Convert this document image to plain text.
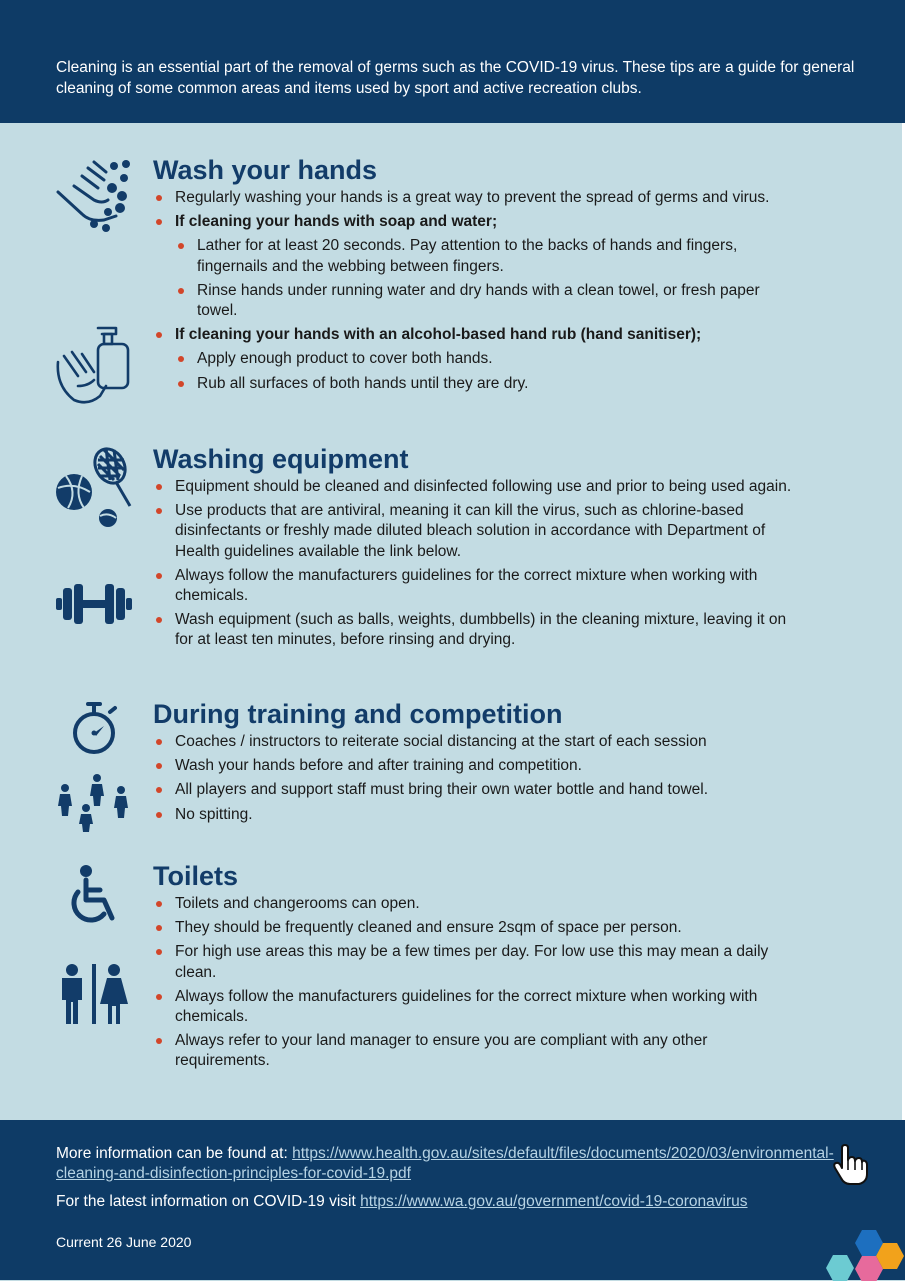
Cleaning is an essential part of the removal of germs such as the COVID-19 virus. These tips are a guide for general cleaning of some common areas and items used by sport and active recreation clubs.

Wash your hands
Regularly washing your hands is a great way to prevent the spread of germs and virus.
If cleaning your hands with soap and water;
Lather for at least 20 seconds. Pay attention to the backs of hands and fingers, fingernails and the webbing between fingers.
Rinse hands under running water and dry hands with a clean towel, or fresh paper towel.
If cleaning your hands with an alcohol-based hand rub (hand sanitiser);
Apply enough product to cover both hands.
Rub all surfaces of both hands until they are dry.
Washing equipment
Equipment should be cleaned and disinfected following use and prior to being used again.
Use products that are antiviral, meaning it can kill the virus, such as chlorine-based disinfectants or freshly made diluted bleach solution in accordance with Department of Health guidelines available the link below.
Always follow the manufacturers guidelines for the correct mixture when working with chemicals.
Wash equipment (such as balls, weights, dumbbells) in the cleaning mixture, leaving it on for at least ten minutes, before rinsing and drying.
During training and competition
Coaches / instructors to reiterate social distancing at the start of each session
Wash your hands before and after training and competition.
All players and support staff must bring their own water bottle and hand towel.
No spitting.
Toilets
Toilets and changerooms can open.
They should be frequently cleaned and ensure 2sqm of space per person.
For high use areas this may be a few times per day. For low use this may mean a daily clean.
Always follow the manufacturers guidelines for the correct mixture when working with chemicals.
Always refer to your land manager to ensure you are compliant with any other requirements.

More information can be found at: https://www.health.gov.au/sites/default/files/documents/2020/03/environmental-cleaning-and-disinfection-principles-for-covid-19.pdf

For the latest information on COVID-19 visit https://www.wa.gov.au/government/covid-19-coronavirus

Current 26 June 2020
